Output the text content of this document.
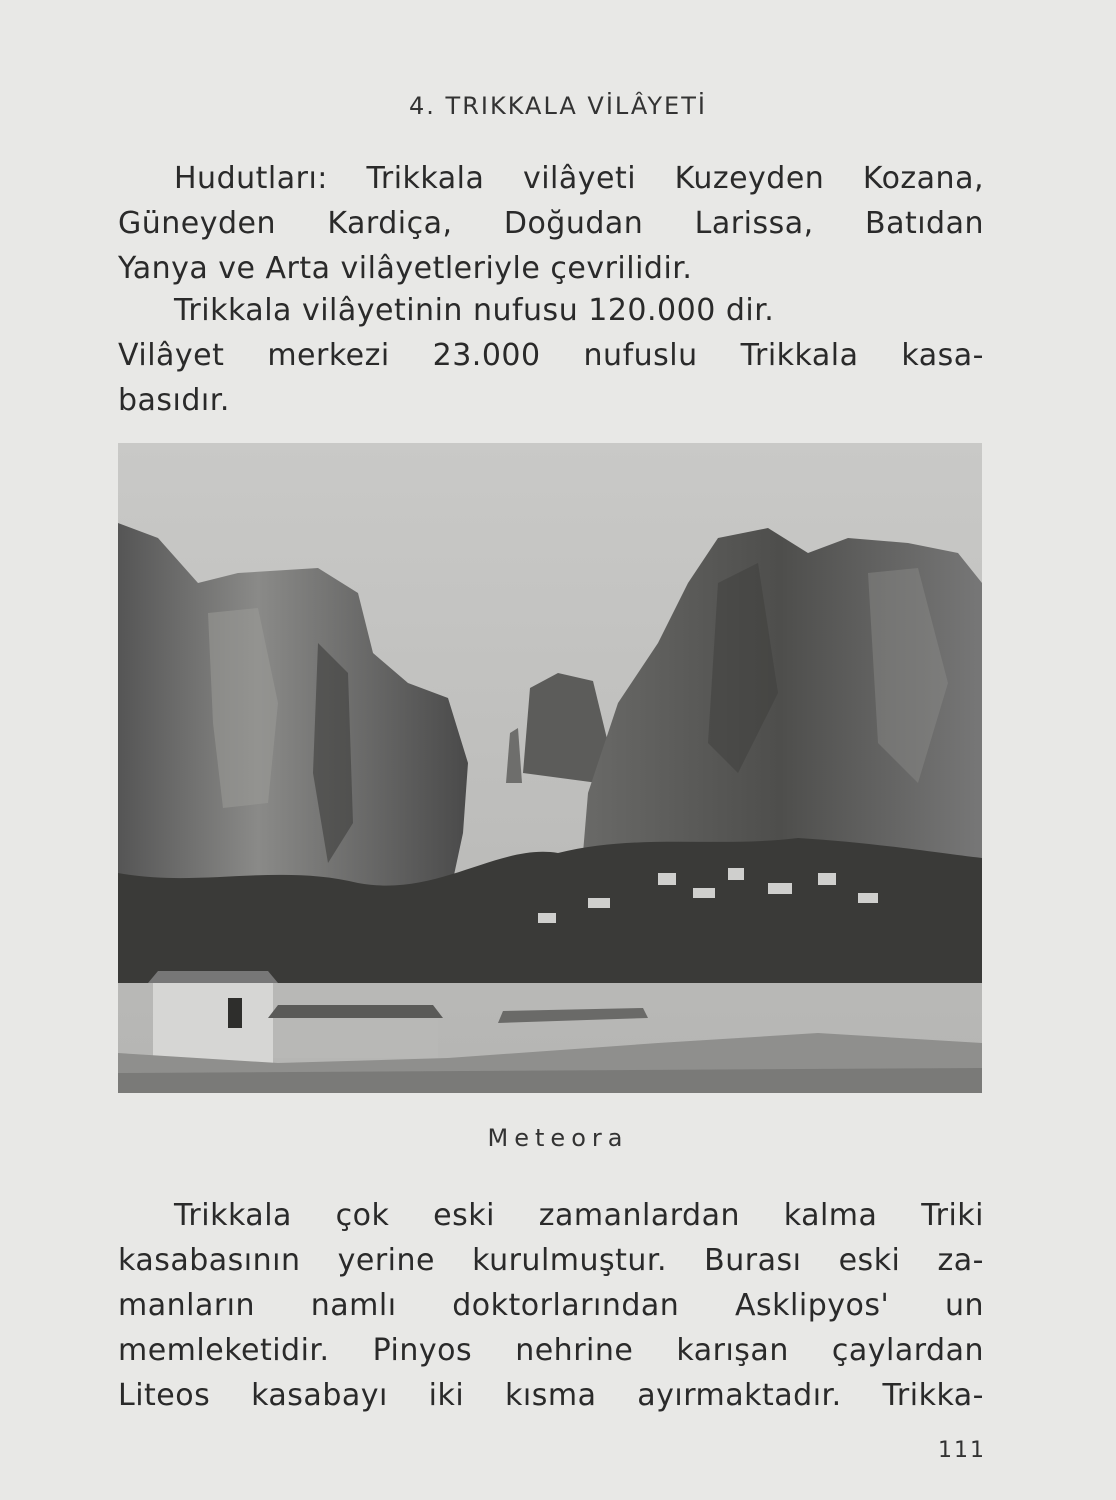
4. TRIKKALA VİLÂYETİ

Hudutları: Trikkala vilâyeti Kuzeyden Kozana,
Güneyden Kardiça, Doğudan Larissa, Batıdan
Yanya ve Arta vilâyetleriyle çevrilidir.

Trikkala vilâyetinin nufusu 120.000 dir.
Vilâyet merkezi 23.000 nufuslu Trikkala kasa-
basıdır.

Meteora

Trikkala çok eski zamanlardan kalma Triki
kasabasının yerine kurulmuştur. Burası eski za-
manların namlı doktorlarından Asklipyos' un
memleketidir. Pinyos nehrine karışan çaylardan
Liteos kasabayı iki kısma ayırmaktadır. Trikka-

111
